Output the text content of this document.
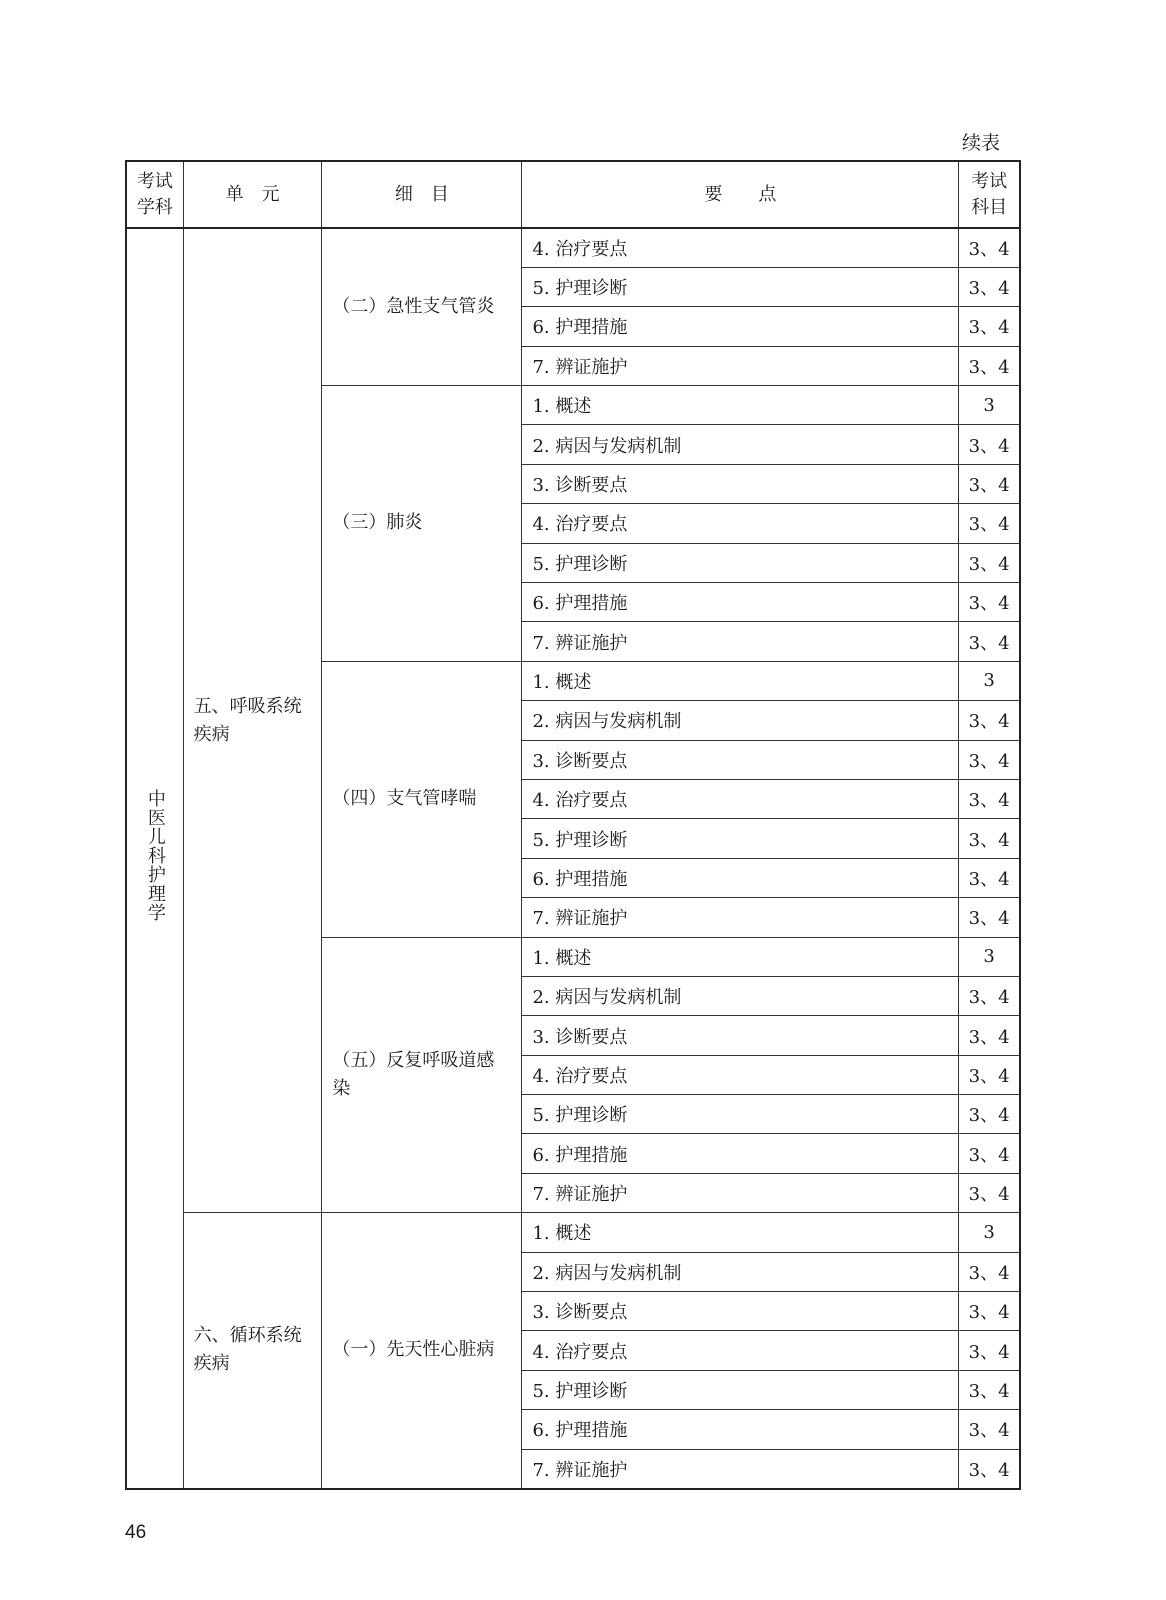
续表
考试学科	单　元	细　目	要　　点	考试科目
中医儿科护理学	五、呼吸系统疾病	（二）急性支气管炎	4. 治疗要点	3、4
			5. 护理诊断	3、4
			6. 护理措施	3、4
			7. 辨证施护	3、4
		（三）肺炎	1. 概述	3
			2. 病因与发病机制	3、4
			3. 诊断要点	3、4
			4. 治疗要点	3、4
			5. 护理诊断	3、4
			6. 护理措施	3、4
			7. 辨证施护	3、4
		（四）支气管哮喘	1. 概述	3
			2. 病因与发病机制	3、4
			3. 诊断要点	3、4
			4. 治疗要点	3、4
			5. 护理诊断	3、4
			6. 护理措施	3、4
			7. 辨证施护	3、4
		（五）反复呼吸道感染	1. 概述	3
			2. 病因与发病机制	3、4
			3. 诊断要点	3、4
			4. 治疗要点	3、4
			5. 护理诊断	3、4
			6. 护理措施	3、4
			7. 辨证施护	3、4
	六、循环系统疾病	（一）先天性心脏病	1. 概述	3
			2. 病因与发病机制	3、4
			3. 诊断要点	3、4
			4. 治疗要点	3、4
			5. 护理诊断	3、4
			6. 护理措施	3、4
			7. 辨证施护	3、4
46
